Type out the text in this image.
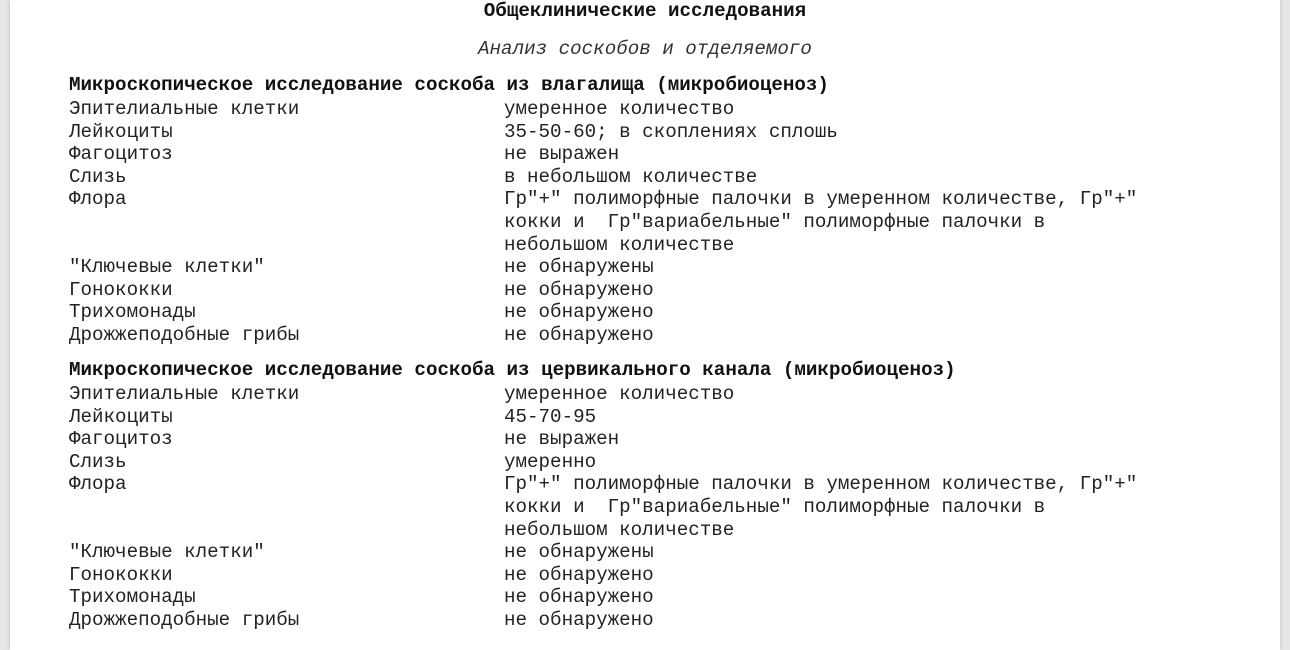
Общеклинические исследования
Анализ соскобов и отделяемого
Микроскопическое исследование соскоба из влагалища (микробиоценоз)
Эпителиальные клетки	умеренное количество
Лейкоциты	35-50-60; в скоплениях сплошь
Фагоцитоз	не выражен
Слизь	в небольшом количестве
Флора	Гр"+" полиморфные палочки в умеренном количестве, Гр"+"
кокки и  Гр"вариабельные" полиморфные палочки в
небольшом количестве
"Ключевые клетки"	не обнаружены
Гонококки	не обнаружено
Трихомонады	не обнаружено
Дрожжеподобные грибы	не обнаружено
Микроскопическое исследование соскоба из цервикального канала (микробиоценоз)
Эпителиальные клетки	умеренное количество
Лейкоциты	45-70-95
Фагоцитоз	не выражен
Слизь	умеренно
Флора	Гр"+" полиморфные палочки в умеренном количестве, Гр"+"
кокки и  Гр"вариабельные" полиморфные палочки в
небольшом количестве
"Ключевые клетки"	не обнаружены
Гонококки	не обнаружено
Трихомонады	не обнаружено
Дрожжеподобные грибы	не обнаружено
